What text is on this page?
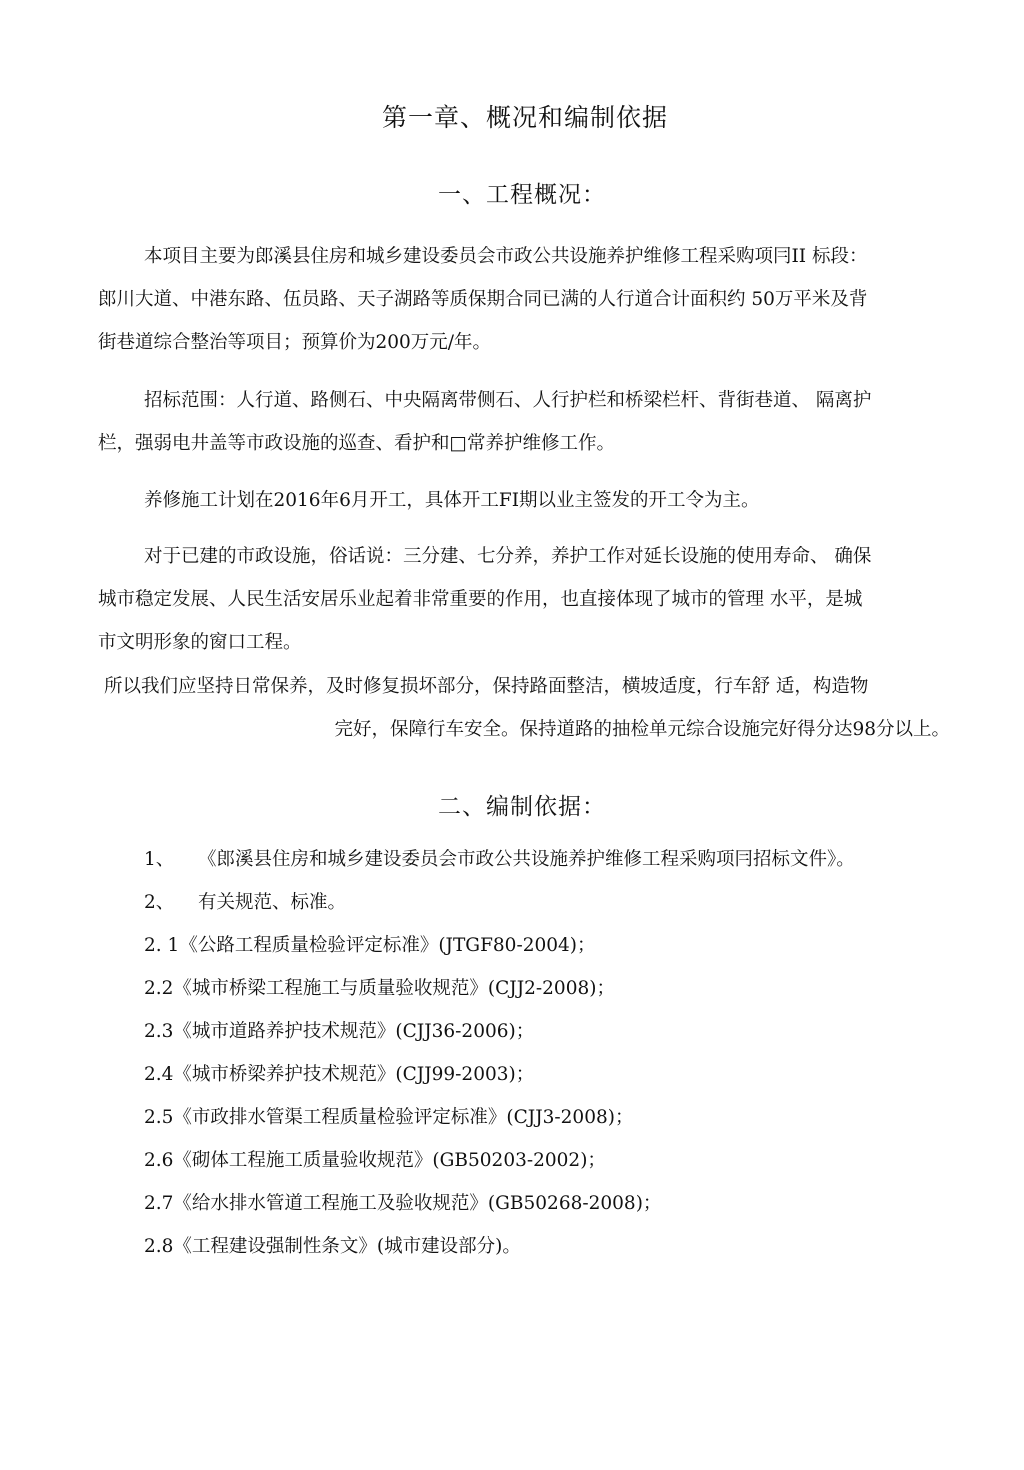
第一章、概况和编制依据
一、工程概况：
本项目主要为郎溪县住房和城乡建设委员会市政公共设施养护维修工程采购项冃II 标段：
郎川大道、中港东路、伍员路、天子湖路等质保期合同已满的人行道合计面积约 50万平米及背
街巷道综合整治等项目；预算价为200万元/年。
招标范围：人行道、路侧石、中央隔离带侧石、人行护栏和桥梁栏杆、背街巷道、 隔离护
栏，强弱电井盖等市政设施的巡查、看护和□常养护维修工作。
养修施工计划在2016年6月开工，具体开工FI期以业主签发的开工令为主。
对于已建的市政设施，俗话说：三分建、七分养，养护工作对延长设施的使用寿命、 确保
城市稳定发展、人民生活安居乐业起着非常重要的作用，也直接体现了城市的管理 水平，是城
市文明形象的窗口工程。
所以我们应坚持日常保养，及时修复损坏部分，保持路面整洁，横坡适度，行车舒 适，构造物
完好，保障行车安全。保持道路的抽检单元综合设施完好得分达98分以上。
二、编制依据：
1、 《郎溪县住房和城乡建设委员会市政公共设施养护维修工程采购项冃招标文件》。
2、 有关规范、标准。
2. 1《公路工程质量检验评定标准》(JTGF80-2004)；
2.2《城市桥梁工程施工与质量验收规范》(CJJ2-2008)；
2.3《城市道路养护技术规范》(CJJ36-2006)；
2.4《城市桥梁养护技术规范》(CJJ99-2003)；
2.5《市政排水管渠工程质量检验评定标准》(CJJ3-2008)；
2.6《砌体工程施工质量验收规范》(GB50203-2002)；
2.7《给水排水管道工程施工及验收规范》(GB50268-2008)；
2.8《工程建设强制性条文》(城市建设部分)。
